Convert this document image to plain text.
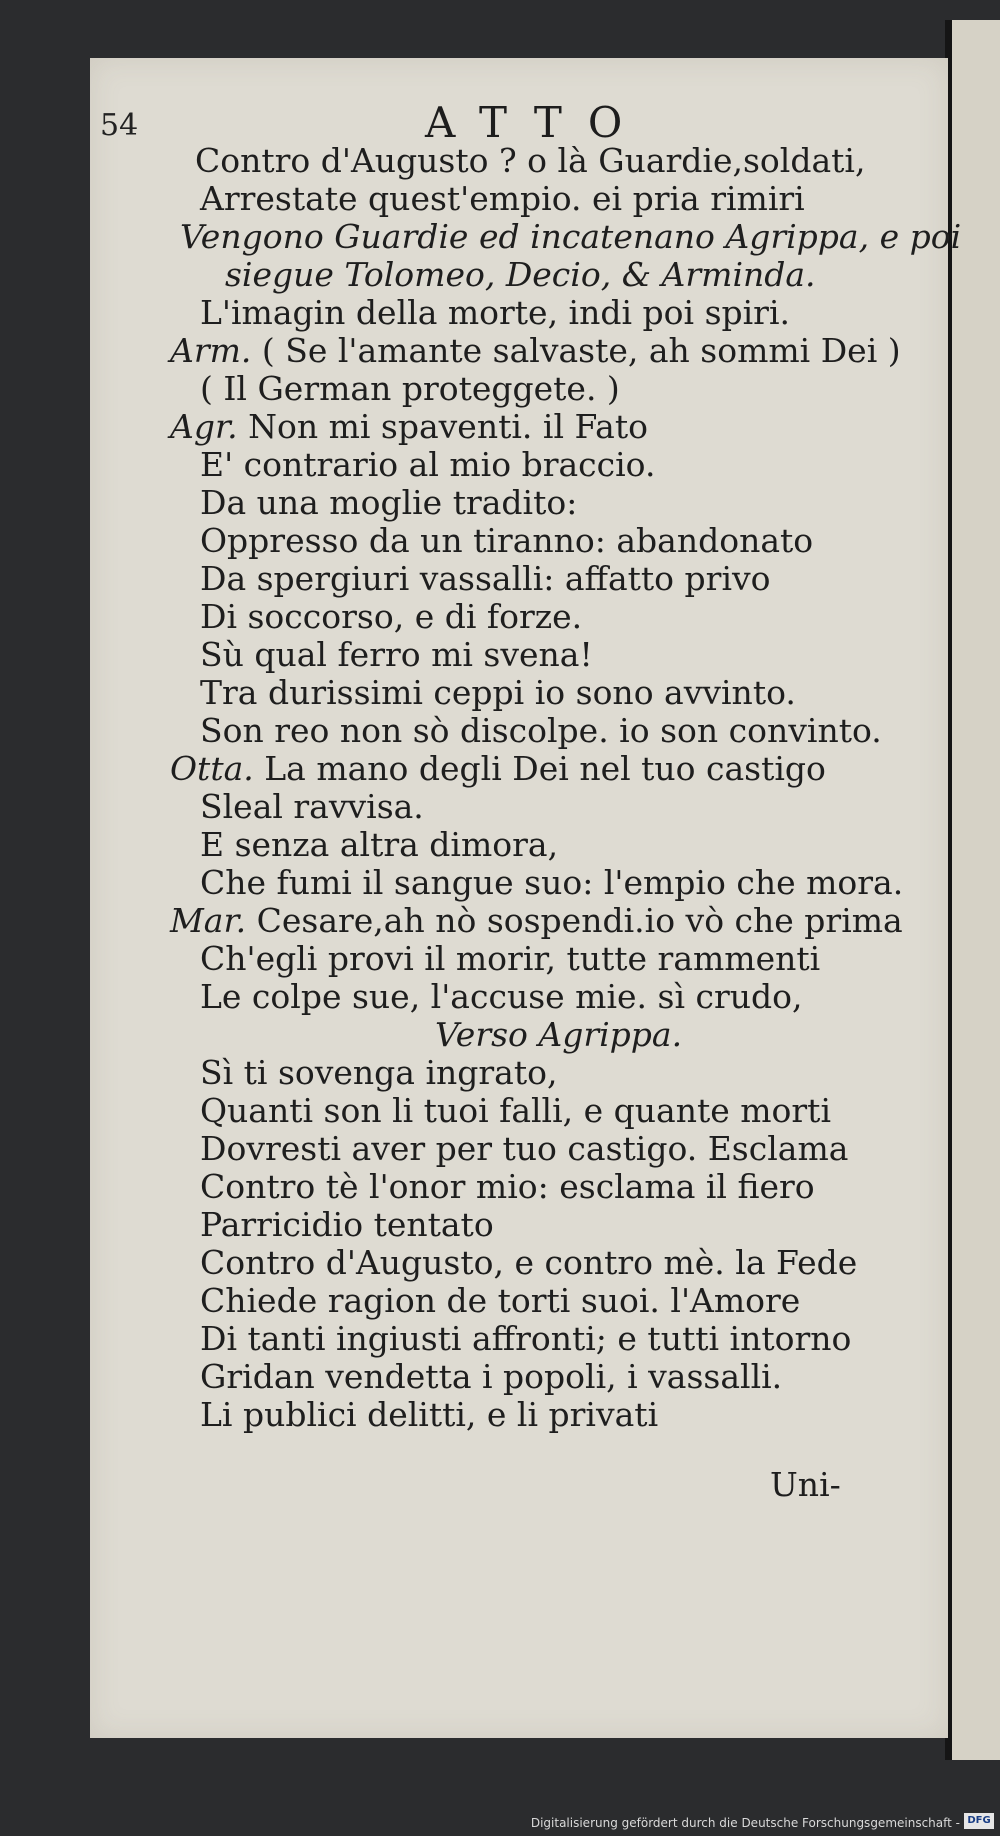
54	ATTO
Contro d'Augusto ? o là Guardie,soldati,
Arrestate quest'empio. ei pria rimiri
Vengono Guardie ed incatenano Agrippa, e poi
siegue Tolomeo, Decio, & Arminda.
L'imagin della morte, indi poi spiri.
Arm. ( Se l'amante salvaste, ah sommi Dei )
( Il German proteggete. )
Agr. Non mi spaventi. il Fato
E' contrario al mio braccio.
Da una moglie tradito:
Oppresso da un tiranno: abandonato
Da spergiuri vassalli: affatto privo
Di soccorso, e di forze.
Sù qual ferro mi svena!
Tra durissimi ceppi io sono avvinto.
Son reo non sò discolpe. io son convinto.
Otta. La mano degli Dei nel tuo castigo
Sleal ravvisa.
E senza altra dimora,
Che fumi il sangue suo: l'empio che mora.
Mar. Cesare,ah nò sospendi.io vò che prima
Ch'egli provi il morir, tutte rammenti
Le colpe sue, l'accuse mie. sì crudo,
Verso Agrippa.
Sì ti sovenga ingrato,
Quanti son li tuoi falli, e quante morti
Dovresti aver per tuo castigo. Esclama
Contro tè l'onor mio: esclama il fiero
Parricidio tentato
Contro d'Augusto, e contro mè. la Fede
Chiede ragion de torti suoi. l'Amore
Di tanti ingiusti affronti; e tutti intorno
Gridan vendetta i popoli, i vassalli.
Li publici delitti, e li privati
Uni-
Digitalisierung gefördert durch die Deutsche Forschungsgemeinschaft - DFG
